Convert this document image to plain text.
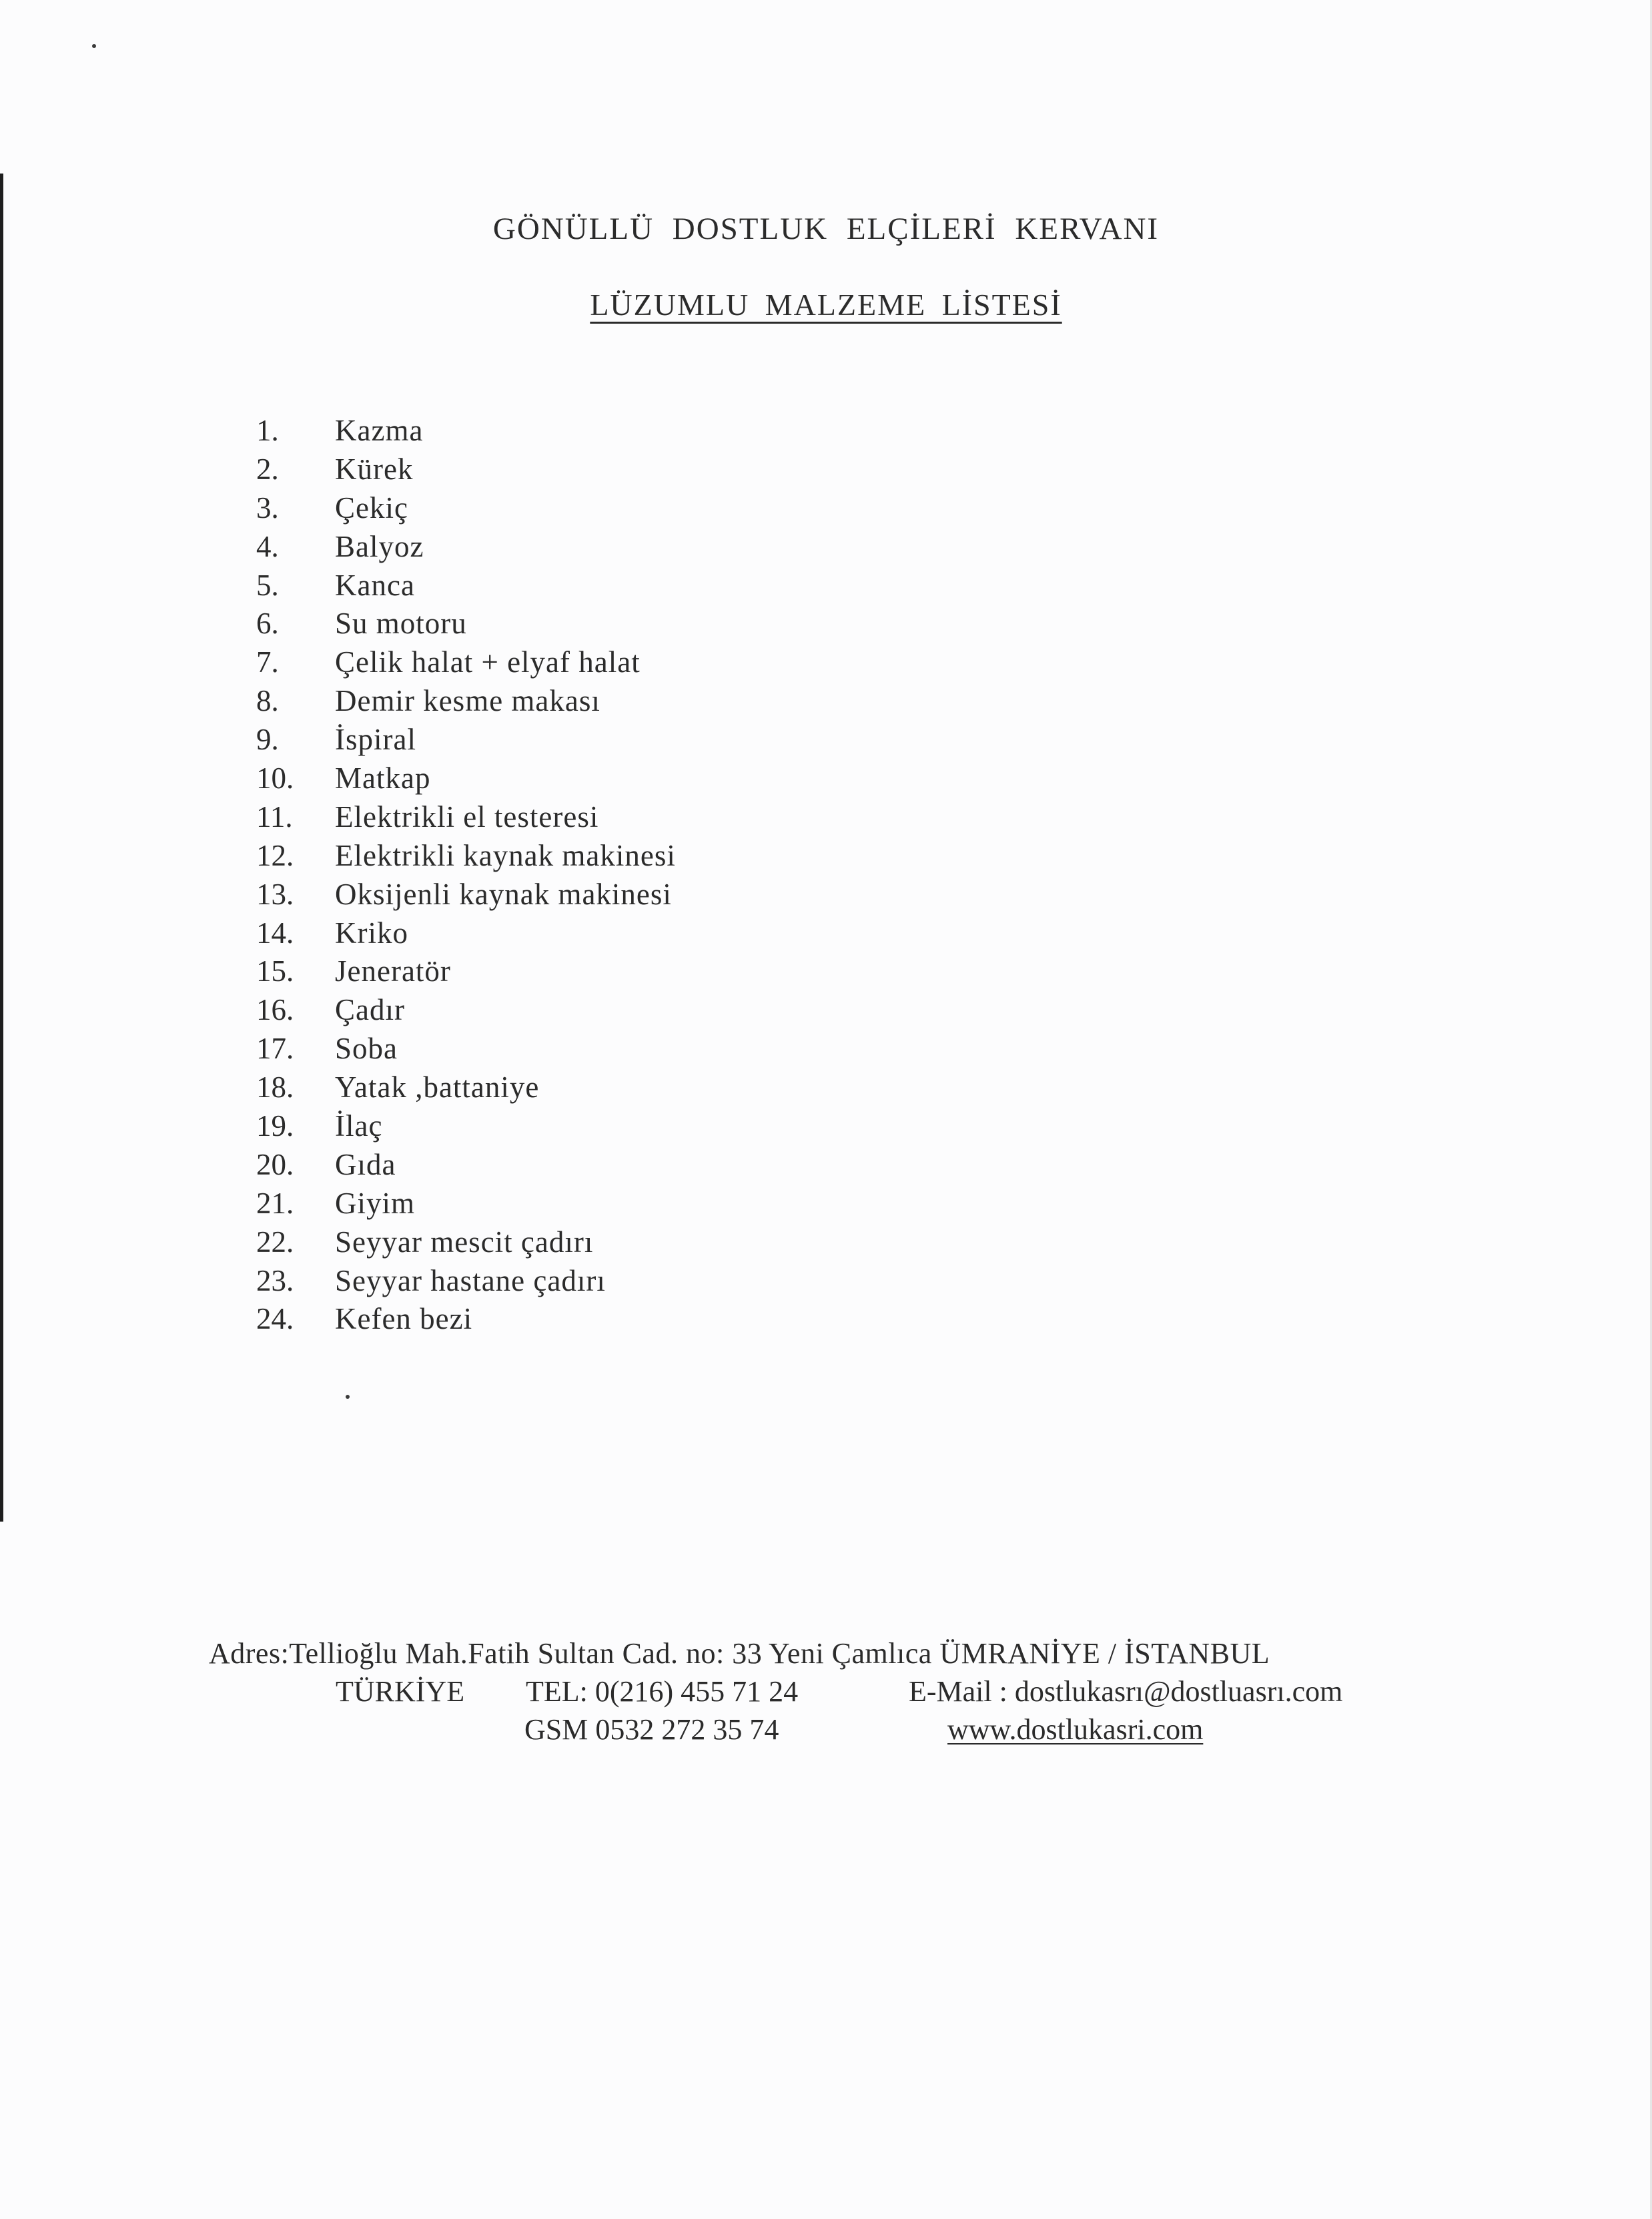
GÖNÜLLÜ DOSTLUK ELÇİLERİ KERVANI
LÜZUMLU MALZEME LİSTESİ
1.	Kazma
2.	Kürek
3.	Çekiç
4.	Balyoz
5.	Kanca
6.	Su motoru
7.	Çelik halat + elyaf halat
8.	Demir kesme makası
9.	İspiral
10.	Matkap
11.	Elektrikli el testeresi
12.	Elektrikli kaynak makinesi
13.	Oksijenli kaynak makinesi
14.	Kriko
15.	Jeneratör
16.	Çadır
17.	Soba
18.	Yatak ,battaniye
19.	İlaç
20.	Gıda
21.	Giyim
22.	Seyyar mescit çadırı
23.	Seyyar hastane çadırı
24.	Kefen bezi
Adres:Tellioğlu Mah.Fatih Sultan Cad. no: 33 Yeni Çamlıca ÜMRANİYE / İSTANBUL
TÜRKİYE TEL: 0(216) 455 71 24	E-Mail : dostlukasrı@dostluasrı.com
GSM 0532 272 35 74	www.dostlukasri.com
